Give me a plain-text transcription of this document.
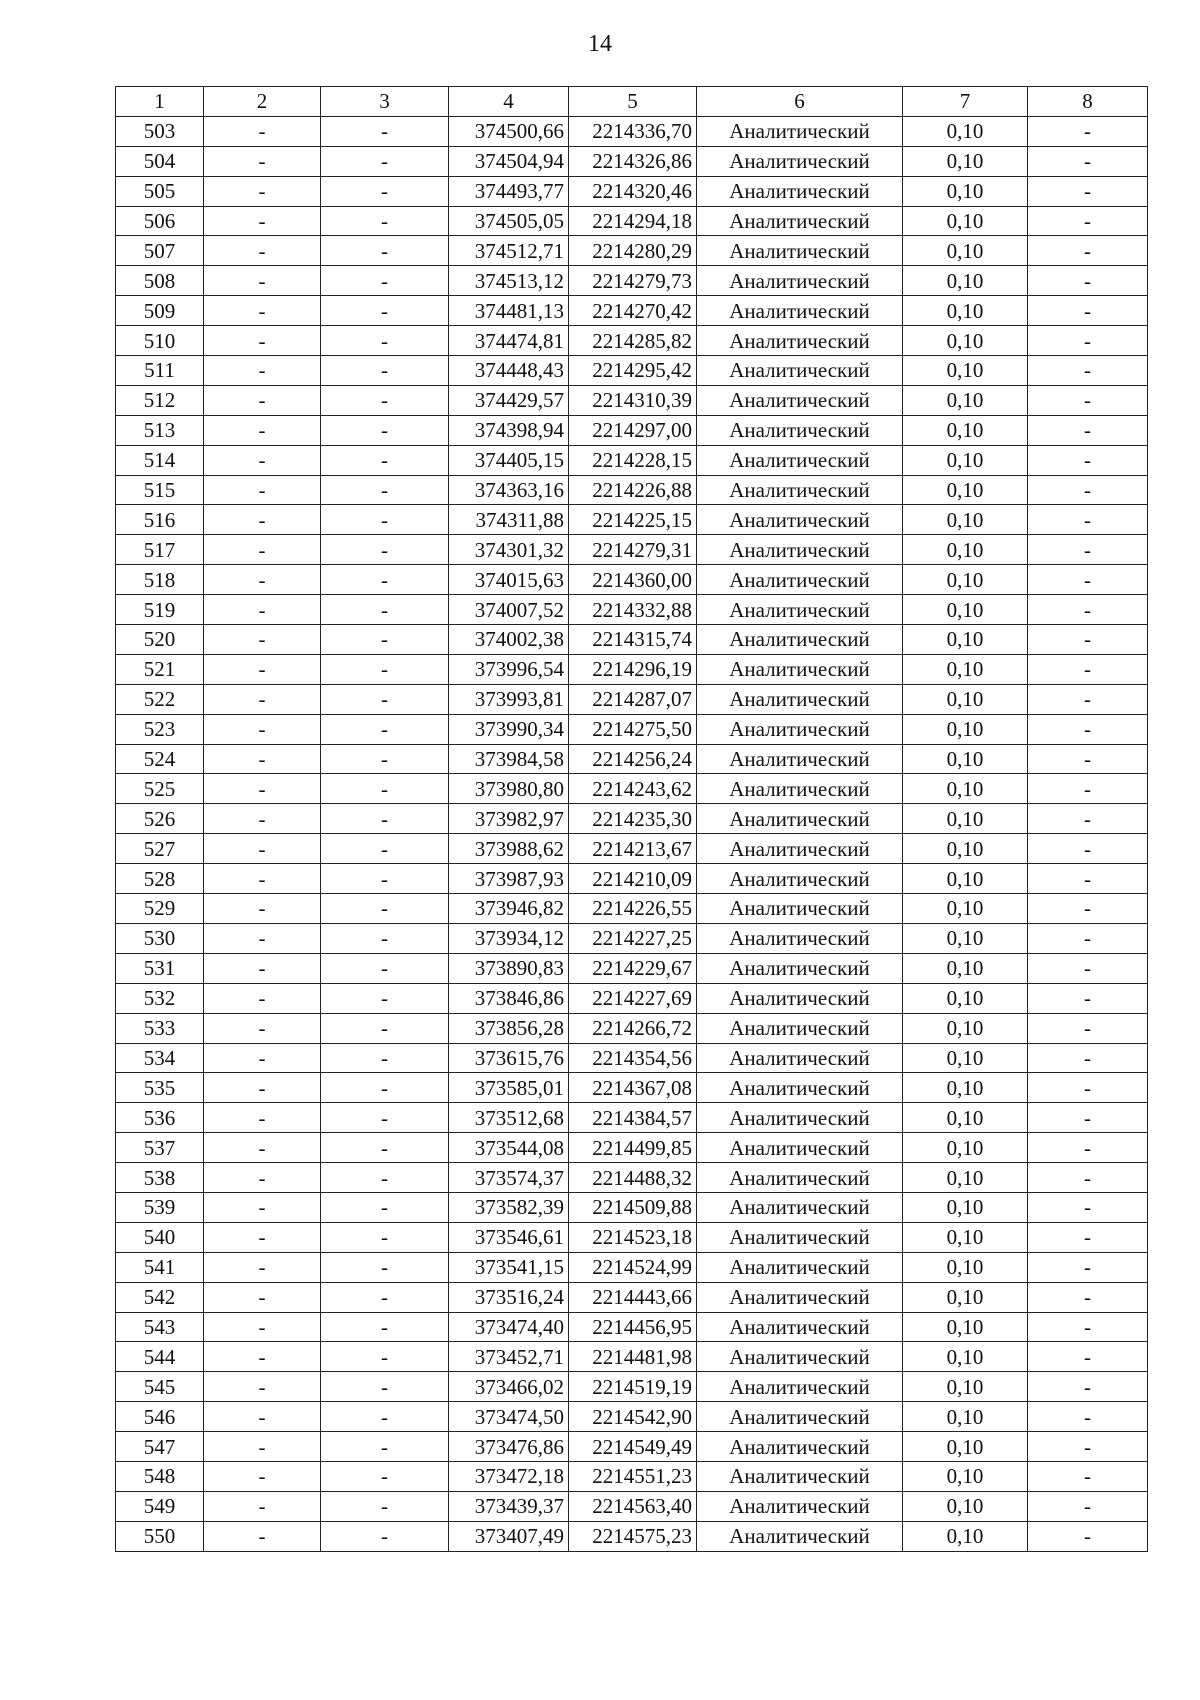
14
1	2	3	4	5	6	7	8
503	-	-	374500,66	2214336,70	Аналитический	0,10	-
504	-	-	374504,94	2214326,86	Аналитический	0,10	-
505	-	-	374493,77	2214320,46	Аналитический	0,10	-
506	-	-	374505,05	2214294,18	Аналитический	0,10	-
507	-	-	374512,71	2214280,29	Аналитический	0,10	-
508	-	-	374513,12	2214279,73	Аналитический	0,10	-
509	-	-	374481,13	2214270,42	Аналитический	0,10	-
510	-	-	374474,81	2214285,82	Аналитический	0,10	-
511	-	-	374448,43	2214295,42	Аналитический	0,10	-
512	-	-	374429,57	2214310,39	Аналитический	0,10	-
513	-	-	374398,94	2214297,00	Аналитический	0,10	-
514	-	-	374405,15	2214228,15	Аналитический	0,10	-
515	-	-	374363,16	2214226,88	Аналитический	0,10	-
516	-	-	374311,88	2214225,15	Аналитический	0,10	-
517	-	-	374301,32	2214279,31	Аналитический	0,10	-
518	-	-	374015,63	2214360,00	Аналитический	0,10	-
519	-	-	374007,52	2214332,88	Аналитический	0,10	-
520	-	-	374002,38	2214315,74	Аналитический	0,10	-
521	-	-	373996,54	2214296,19	Аналитический	0,10	-
522	-	-	373993,81	2214287,07	Аналитический	0,10	-
523	-	-	373990,34	2214275,50	Аналитический	0,10	-
524	-	-	373984,58	2214256,24	Аналитический	0,10	-
525	-	-	373980,80	2214243,62	Аналитический	0,10	-
526	-	-	373982,97	2214235,30	Аналитический	0,10	-
527	-	-	373988,62	2214213,67	Аналитический	0,10	-
528	-	-	373987,93	2214210,09	Аналитический	0,10	-
529	-	-	373946,82	2214226,55	Аналитический	0,10	-
530	-	-	373934,12	2214227,25	Аналитический	0,10	-
531	-	-	373890,83	2214229,67	Аналитический	0,10	-
532	-	-	373846,86	2214227,69	Аналитический	0,10	-
533	-	-	373856,28	2214266,72	Аналитический	0,10	-
534	-	-	373615,76	2214354,56	Аналитический	0,10	-
535	-	-	373585,01	2214367,08	Аналитический	0,10	-
536	-	-	373512,68	2214384,57	Аналитический	0,10	-
537	-	-	373544,08	2214499,85	Аналитический	0,10	-
538	-	-	373574,37	2214488,32	Аналитический	0,10	-
539	-	-	373582,39	2214509,88	Аналитический	0,10	-
540	-	-	373546,61	2214523,18	Аналитический	0,10	-
541	-	-	373541,15	2214524,99	Аналитический	0,10	-
542	-	-	373516,24	2214443,66	Аналитический	0,10	-
543	-	-	373474,40	2214456,95	Аналитический	0,10	-
544	-	-	373452,71	2214481,98	Аналитический	0,10	-
545	-	-	373466,02	2214519,19	Аналитический	0,10	-
546	-	-	373474,50	2214542,90	Аналитический	0,10	-
547	-	-	373476,86	2214549,49	Аналитический	0,10	-
548	-	-	373472,18	2214551,23	Аналитический	0,10	-
549	-	-	373439,37	2214563,40	Аналитический	0,10	-
550	-	-	373407,49	2214575,23	Аналитический	0,10	-
